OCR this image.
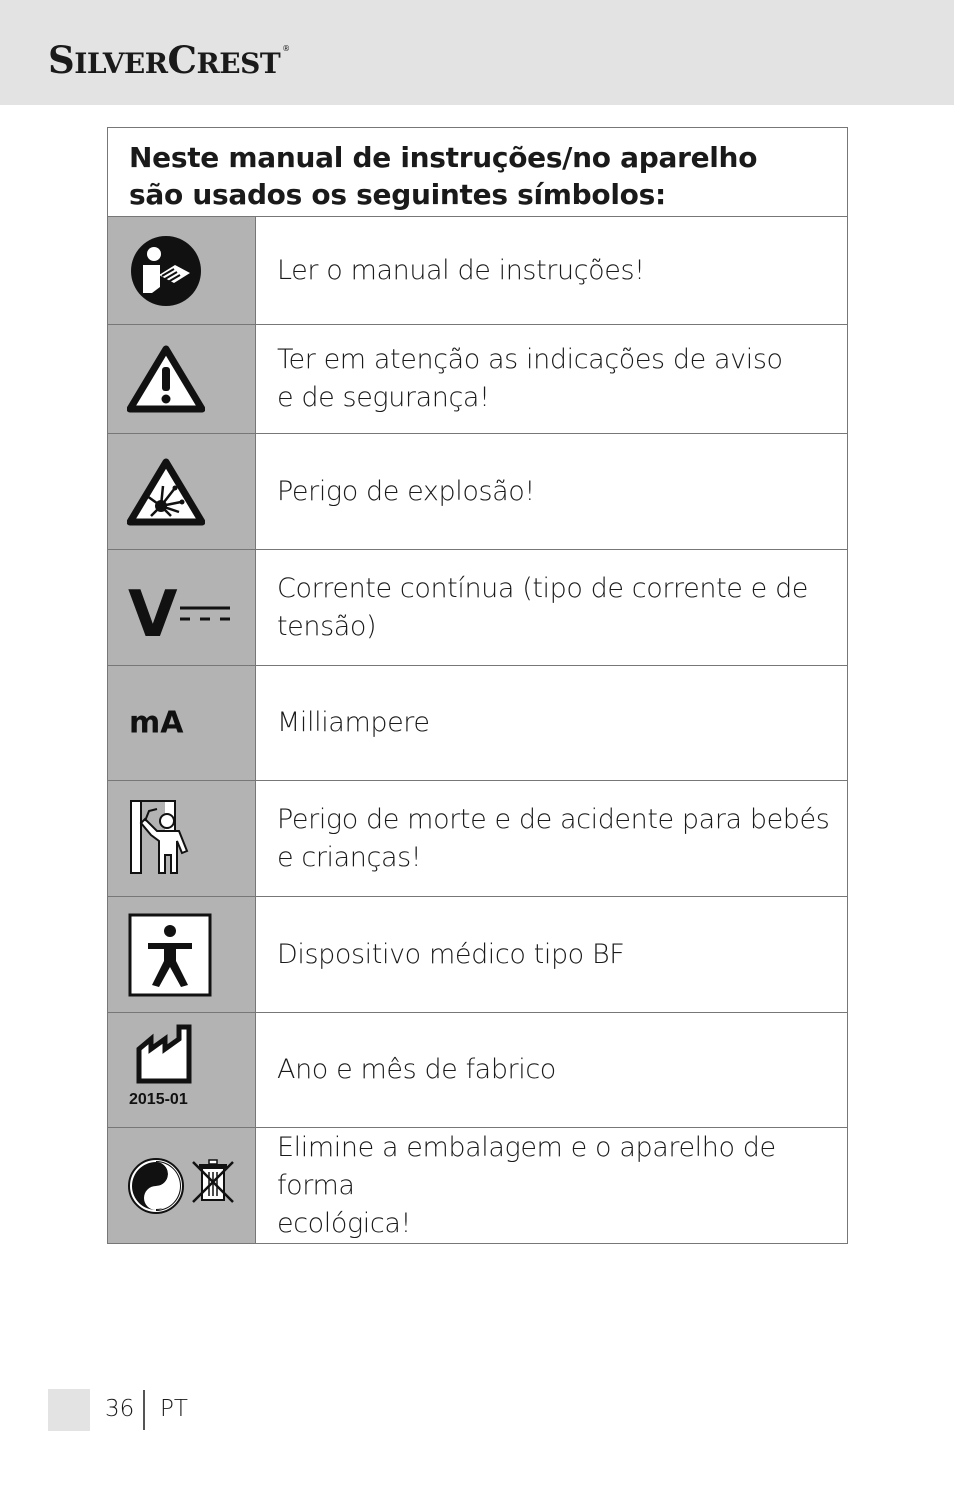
SILVERCREST ®
Neste manual de instruções/no aparelho
são usados os seguintes símbolos:
Ler o manual de instruções!
Ter em atenção as indicações de aviso
e de segurança!
Perigo de explosão!
V	Corrente contínua (tipo de corrente e de
tensão)
mA	Milliampere
Perigo de morte e de acidente para bebés
e crianças!
Dispositivo médico tipo BF
2015-01
Ano e mês de fabrico
Elimine a embalagem e o aparelho de forma
ecológica!
36 PT
